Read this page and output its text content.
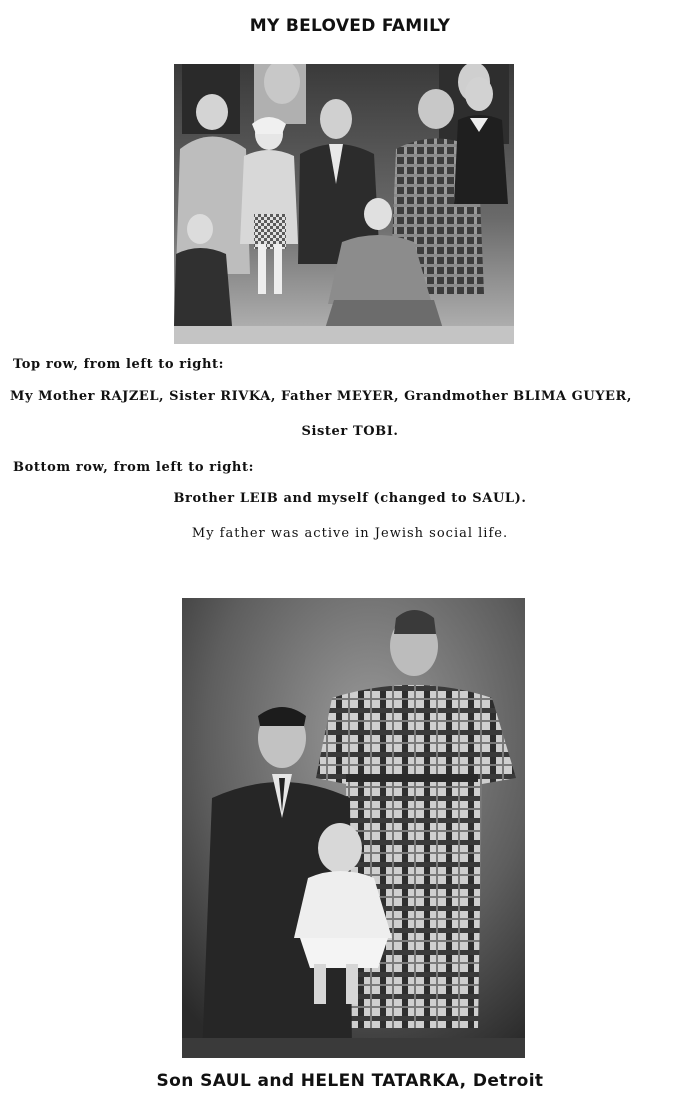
MY BELOVED FAMILY
Top row, from left to right:
My Mother RAJZEL, Sister RIVKA, Father MEYER, Grandmother BLIMA GUYER,
Sister TOBI.
Bottom row, from left to right:
Brother LEIB and myself (changed to SAUL).
My father was active in Jewish social life.
Son SAUL and HELEN TATARKA, Detroit
